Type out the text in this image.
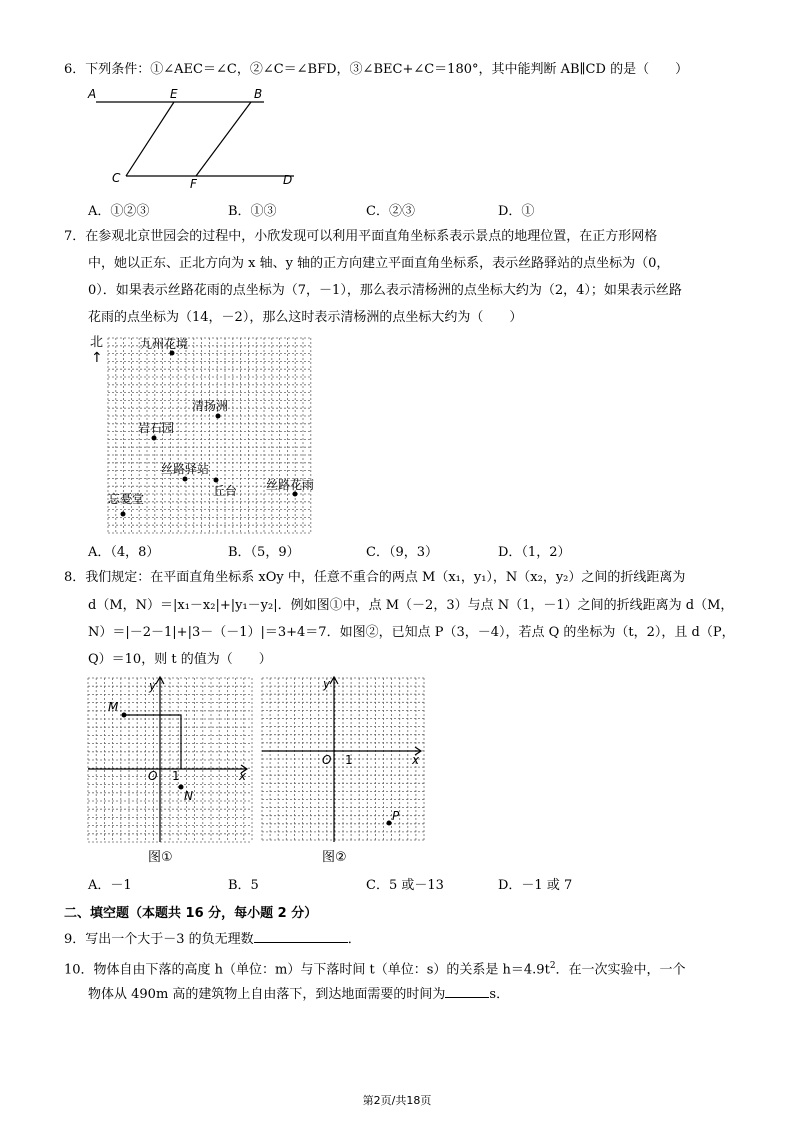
6．下列条件：①∠AEC＝∠C，②∠C＝∠BFD，③∠BEC+∠C＝180°，其中能判断 AB∥CD 的是（　　）
A	E	B
C	F	D
A．①②③	B．①③	C．②③	D．①
7．在参观北京世园会的过程中，小欣发现可以利用平面直角坐标系表示景点的地理位置，在正方形网格
中，她以正东、正北方向为 x 轴、y 轴的正方向建立平面直角坐标系，表示丝路驿站的点坐标为（0，
0）．如果表示丝路花雨的点坐标为（7，－1），那么表示清杨洲的点坐标大约为（2，4）；如果表示丝路
花雨的点坐标为（14，－2），那么这时表示清杨洲的点坐标大约为（　　）
北
↑
九州花境
清扬洲
岩石园
丝路驿站
丘台 丝路花雨
忘憂堂
A．（4，8）	B．（5，9）	C．（9，3）	D．（1，2）
8．我们规定：在平面直角坐标系 xOy 中，任意不重合的两点 M（x₁，y₁），N（x₂，y₂）之间的折线距离为
d（M，N）＝|x₁－x₂|+|y₁－y₂|．例如图①中，点 M（－2，3）与点 N（1，－1）之间的折线距离为 d（M，
N）＝|－2－1|+|3－（－1）|＝3+4＝7．如图②，已知点 P（3，－4），若点 Q 的坐标为（t，2），且 d（P，
Q）＝10，则 t 的值为（　　）
M
N
O	x
y
1
图①
P
O	x
y
1
图②
A．－1	B．5	C．5 或－13	D．－1 或 7
二、填空题（本题共 16 分，每小题 2 分）
9．写出一个大于－3 的负无理数	．
10．物体自由下落的高度 h（单位：m）与下落时间 t（单位：s）的关系是 $h=4.9t^2$．在一次实验中，一个
物体从 490m 高的建筑物上自由落下，到达地面需要的时间为	s．
第2页/共18页
